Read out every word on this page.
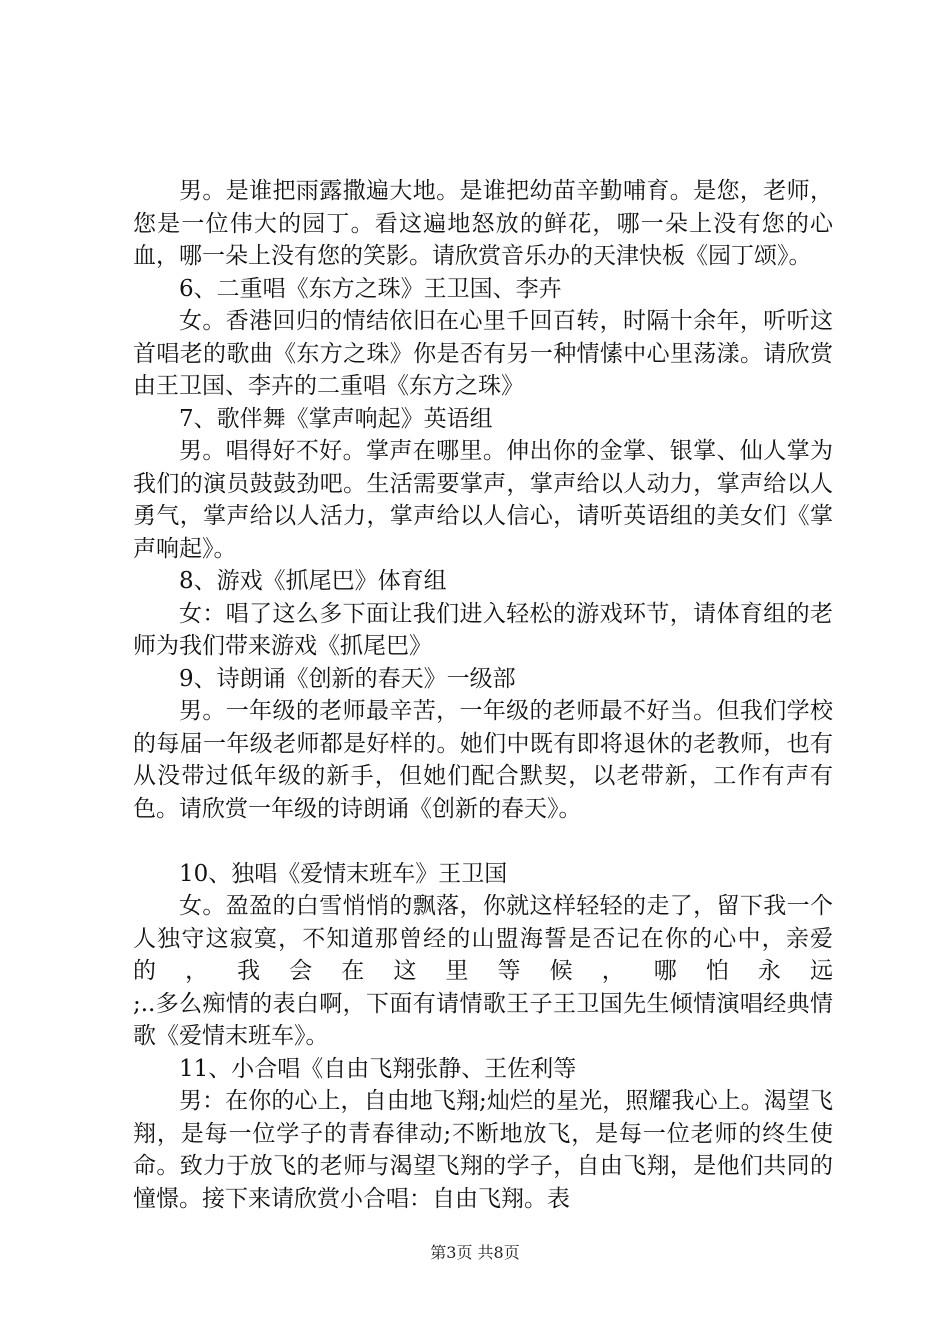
男。是谁把雨露撒遍大地。是谁把幼苗辛勤哺育。是您，老师，您是一位伟大的园丁。看这遍地怒放的鲜花，哪一朵上没有您的心血，哪一朵上没有您的笑影。请欣赏音乐办的天津快板《园丁颂》。

6、二重唱《东方之珠》王卫国、李卉

女。香港回归的情结依旧在心里千回百转，时隔十余年，听听这首唱老的歌曲《东方之珠》你是否有另一种情愫中心里荡漾。请欣赏由王卫国、李卉的二重唱《东方之珠》

7、歌伴舞《掌声响起》英语组

男。唱得好不好。掌声在哪里。伸出你的金掌、银掌、仙人掌为我们的演员鼓鼓劲吧。生活需要掌声，掌声给以人动力，掌声给以人勇气，掌声给以人活力，掌声给以人信心，请听英语组的美女们《掌声响起》。

8、游戏《抓尾巴》体育组

女：唱了这么多下面让我们进入轻松的游戏环节，请体育组的老师为我们带来游戏《抓尾巴》

9、诗朗诵《创新的春天》一级部

男。一年级的老师最辛苦，一年级的老师最不好当。但我们学校的每届一年级老师都是好样的。她们中既有即将退休的老教师，也有从没带过低年级的新手，但她们配合默契，以老带新，工作有声有色。请欣赏一年级的诗朗诵《创新的春天》。

10、独唱《爱情末班车》王卫国

女。盈盈的白雪悄悄的飘落，你就这样轻轻的走了，留下我一个人独守这寂寞，不知道那曾经的山盟海誓是否记在你的心中，亲爱的，我会在这里等候，哪怕永远

;..多么痴情的表白啊，下面有请情歌王子王卫国先生倾情演唱经典情歌《爱情末班车》。

11、小合唱《自由飞翔张静、王佐利等

男：在你的心上，自由地飞翔;灿烂的星光，照耀我心上。渴望飞翔，是每一位学子的青春律动;不断地放飞，是每一位老师的终生使命。致力于放飞的老师与渴望飞翔的学子，自由飞翔，是他们共同的憧憬。接下来请欣赏小合唱：自由飞翔。表

第3页 共8页
